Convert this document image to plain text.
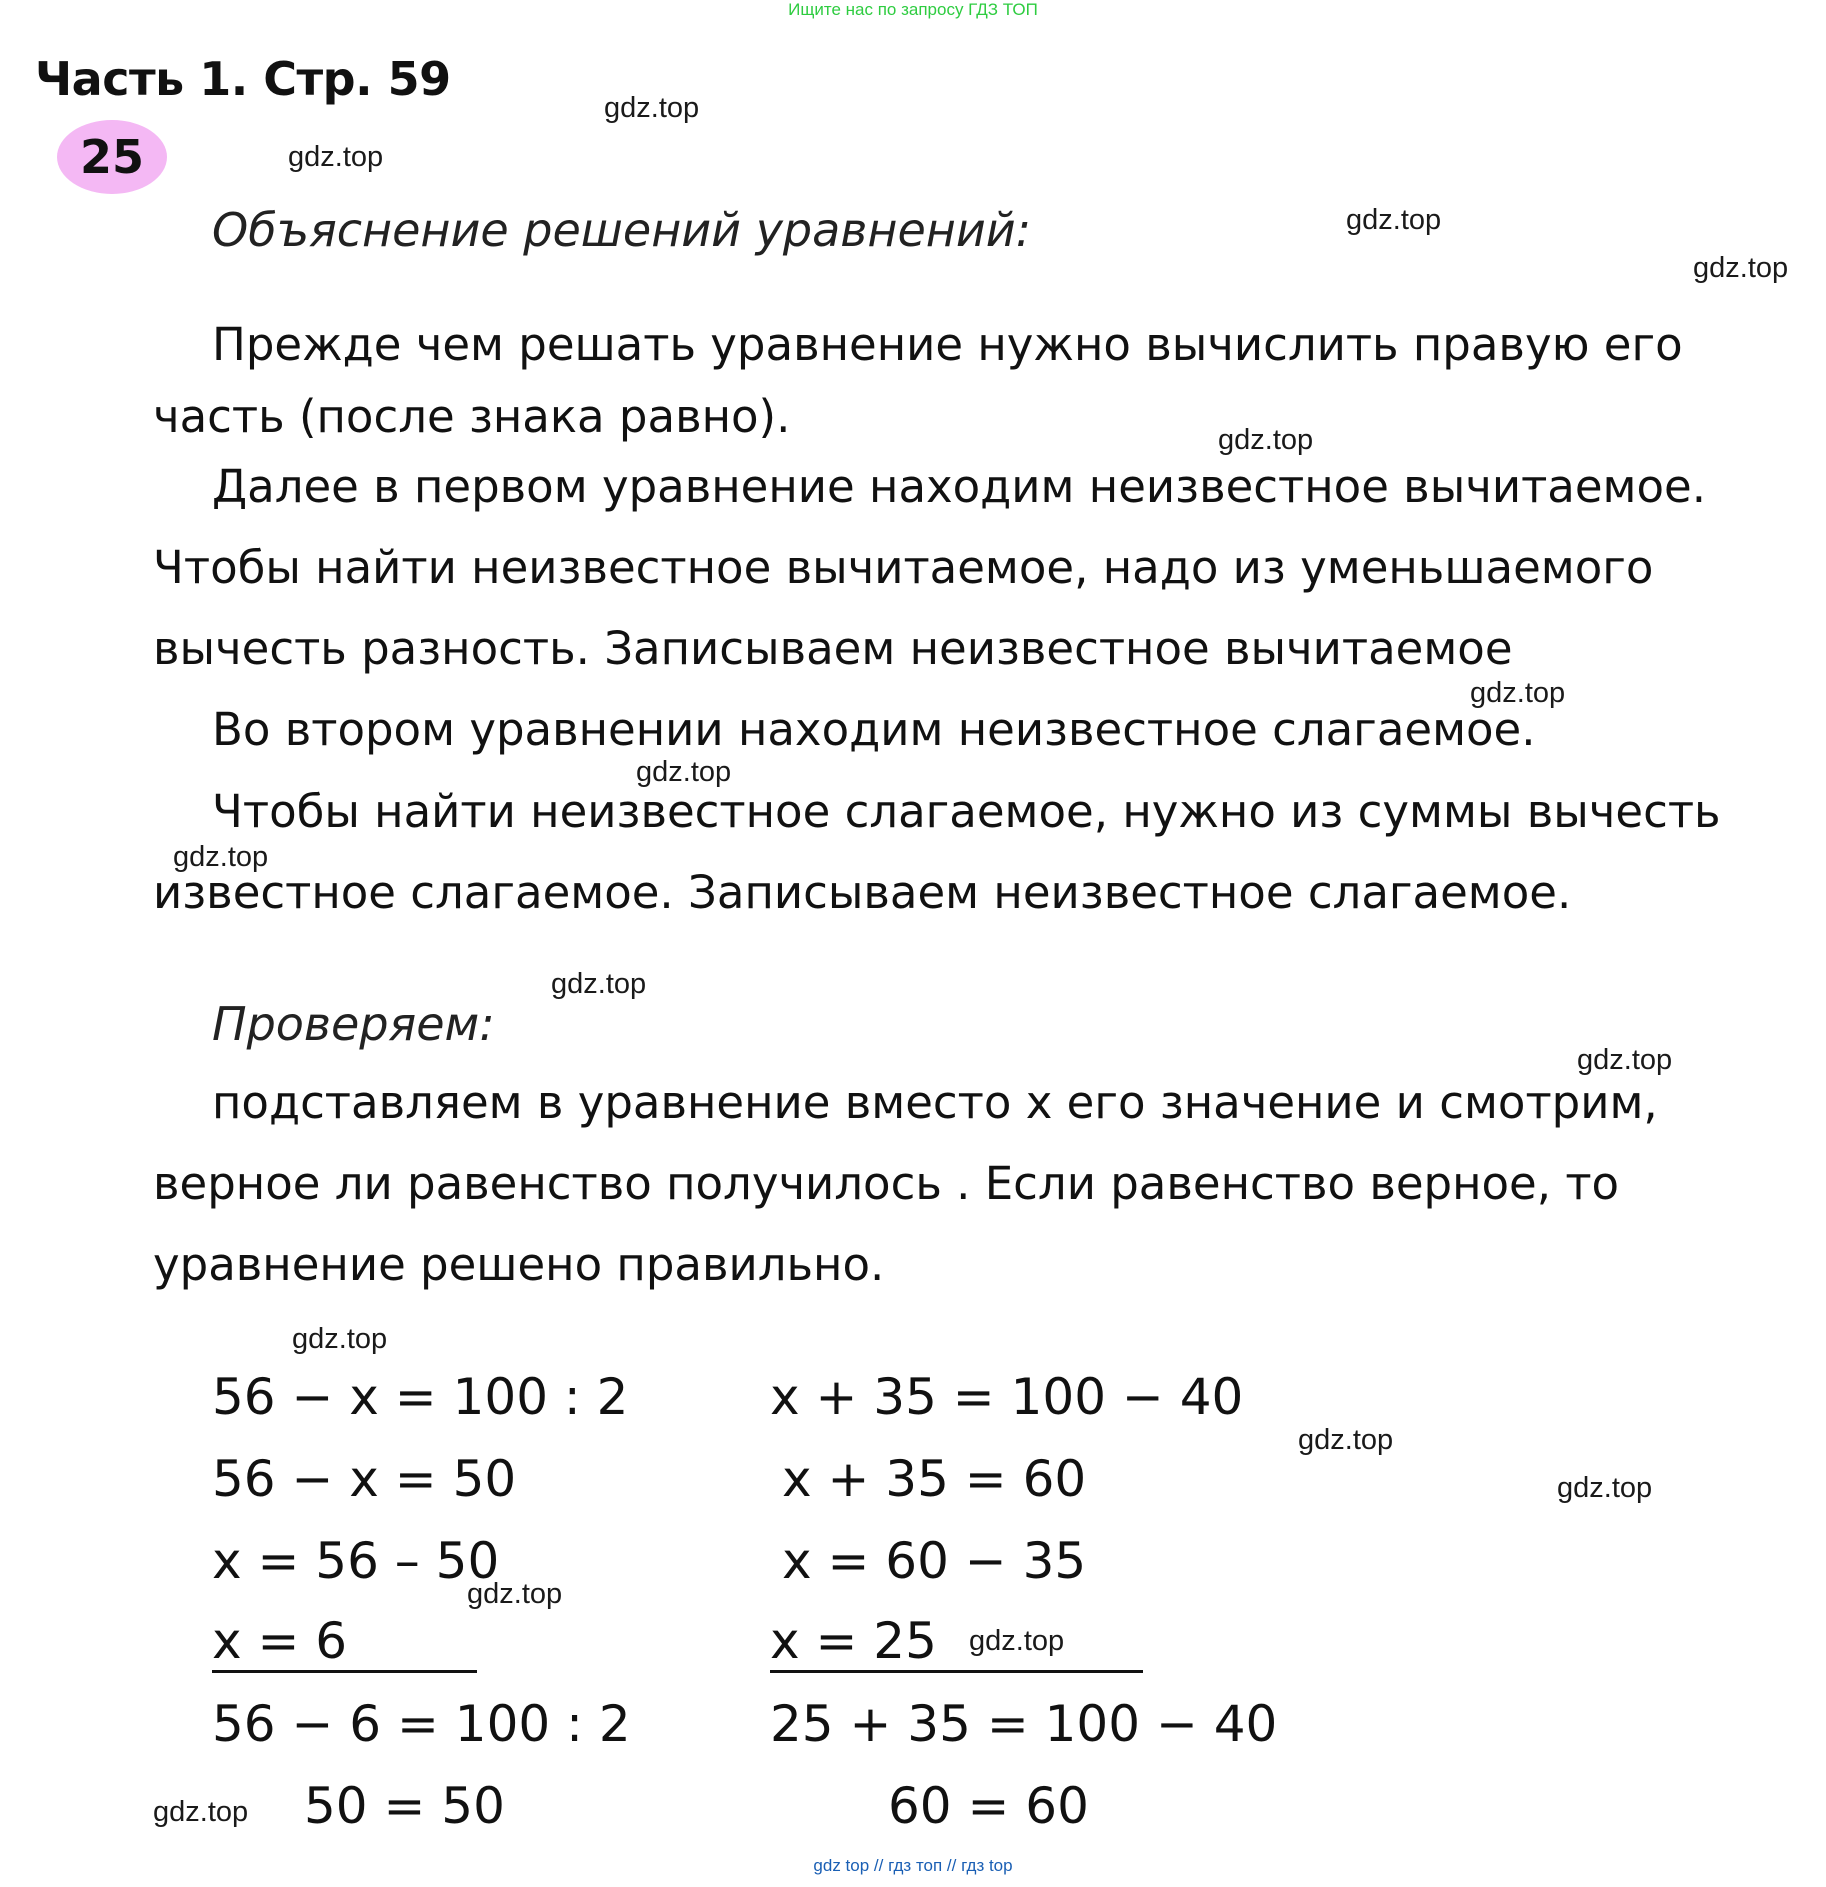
Ищите нас по запросу ГДЗ ТОП
Часть 1. Стр. 59
25
Объяснение решений уравнений:
Прежде чем решать уравнение нужно вычислить правую его
часть (после знака равно).
Далее в первом уравнение находим неизвестное вычитаемое.
Чтобы найти неизвестное вычитаемое, надо из уменьшаемого
вычесть разность. Записываем неизвестное вычитаемое
Во втором уравнении находим неизвестное слагаемое.
Чтобы найти неизвестное слагаемое, нужно из суммы вычесть
известное слагаемое. Записываем неизвестное слагаемое.
Проверяем:
подставляем в уравнение вместо х его значение и смотрим,
верное ли равенство получилось . Если равенство верное, то
уравнение решено правильно.
56 − x = 100 : 2
56 − x = 50
x = 56 – 50
x = 6
56 − 6 = 100 : 2
50 = 50
x + 35 = 100 − 40
x + 35 = 60
x = 60 − 35
x = 25
25 + 35 = 100 − 40
60 = 60
gdz.top
gdz.top
gdz.top
gdz.top
gdz.top
gdz.top
gdz.top
gdz.top
gdz.top
gdz.top
gdz.top
gdz.top
gdz.top
gdz.top
gdz.top
gdz.top
gdz top // гдз топ // гдз top
